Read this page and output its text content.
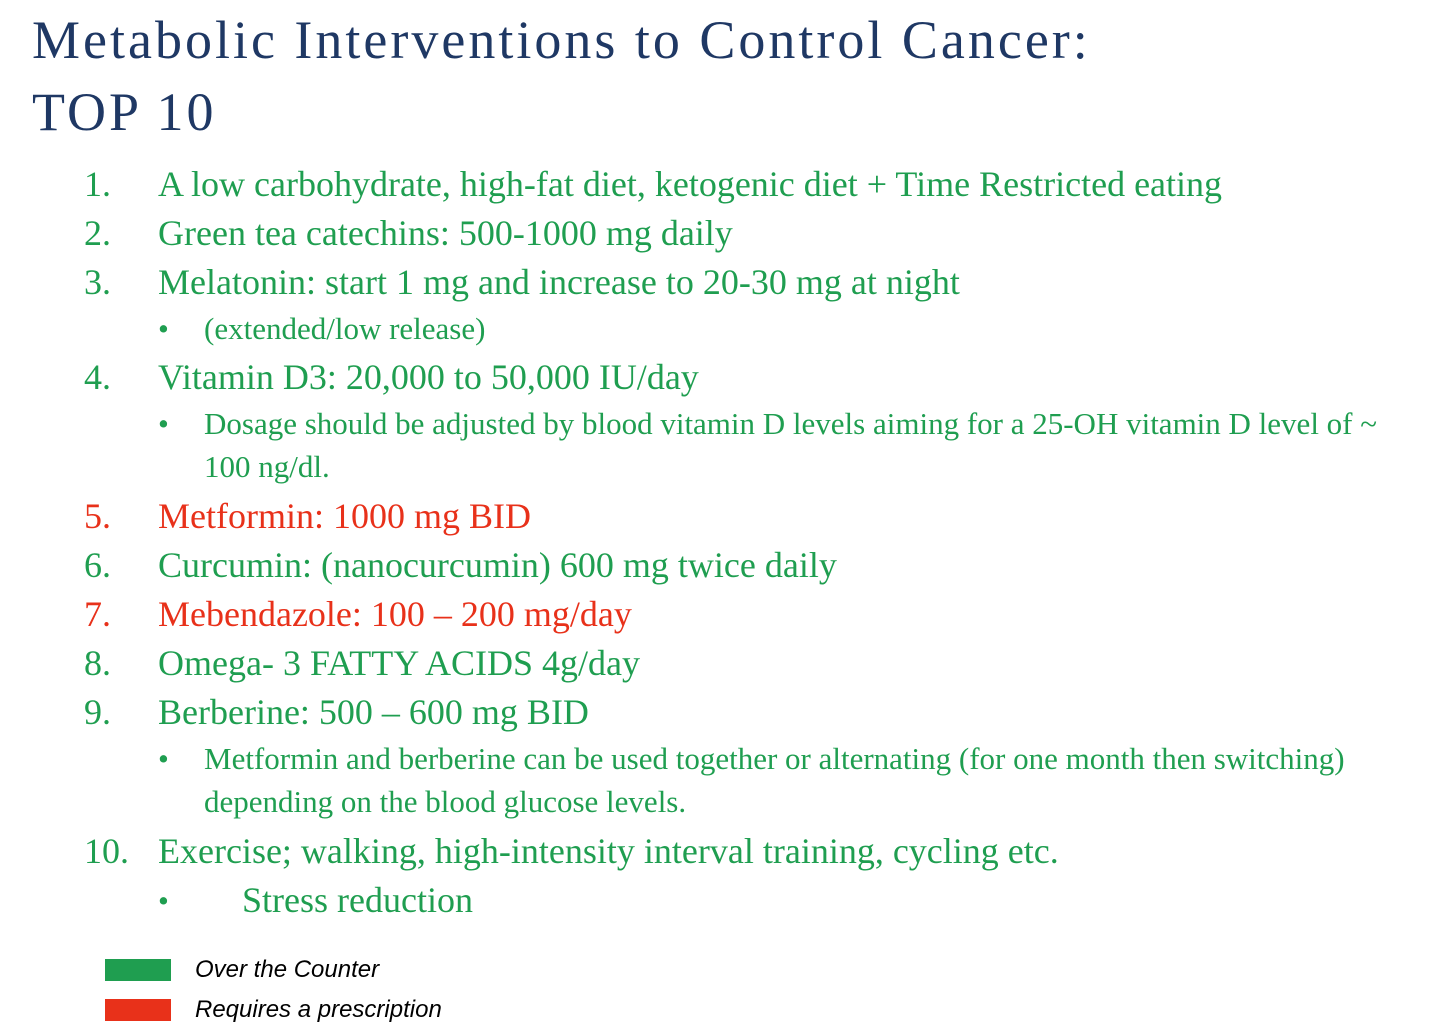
Metabolic Interventions to Control Cancer:
TOP 10
1.	A low carbohydrate, high-fat diet, ketogenic diet + Time Restricted eating
2.	Green tea catechins: 500-1000 mg daily
3.	Melatonin: start 1 mg and increase to 20-30 mg at night
•	(extended/low release)
4.	Vitamin D3: 20,000 to 50,000 IU/day
•	Dosage should be adjusted by blood vitamin D levels aiming for a 25-OH vitamin D level of ~ 100 ng/dl.
5.	Metformin: 1000 mg BID
6.	Curcumin: (nanocurcumin) 600 mg twice daily
7.	Mebendazole: 100 – 200 mg/day
8.	Omega- 3 FATTY ACIDS 4g/day
9.	Berberine: 500 – 600 mg BID
•	Metformin and berberine can be used together or alternating (for one month then switching) depending on the blood glucose levels.
10. Exercise; walking, high-intensity interval training, cycling etc.
•	Stress reduction
Over the Counter
Requires a prescription
